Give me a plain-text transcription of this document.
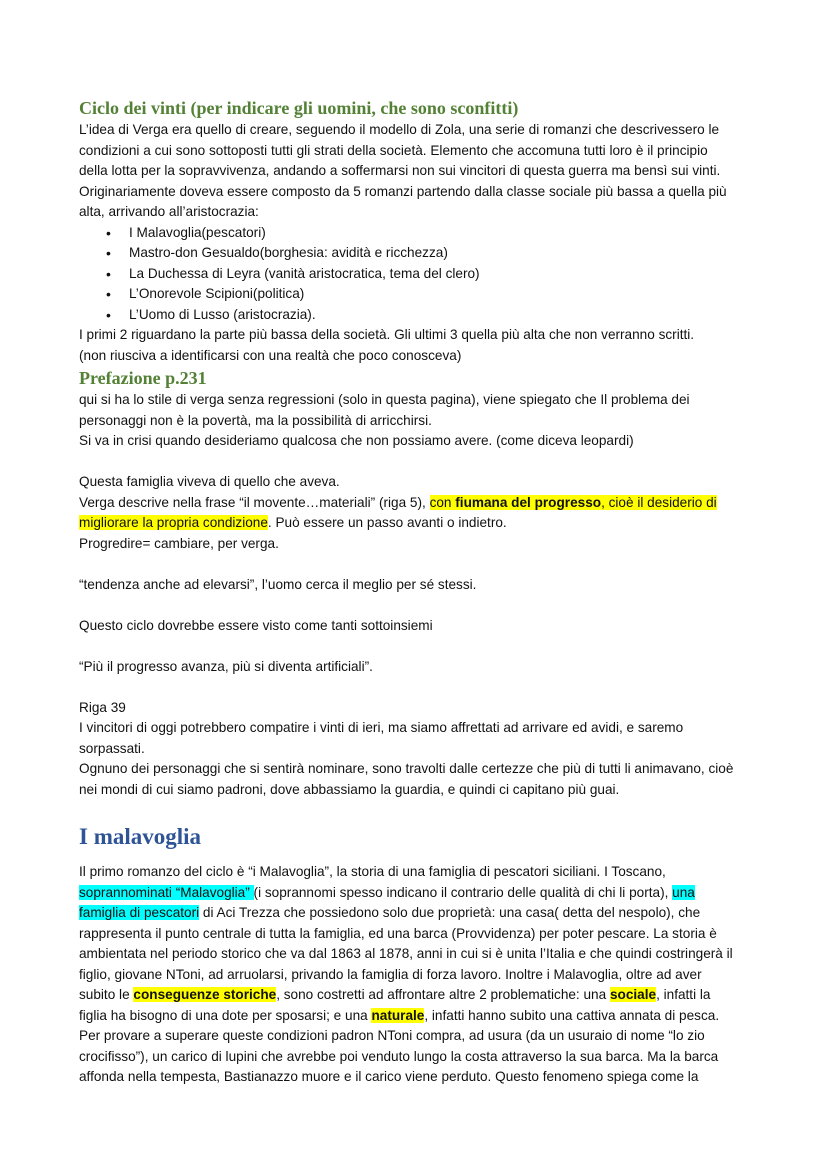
Ciclo dei vinti (per indicare gli uomini, che sono sconfitti)

L’idea di Verga era quello di creare, seguendo il modello di Zola, una serie di romanzi che descrivessero le condizioni a cui sono sottoposti tutti gli strati della società. Elemento che accomuna tutti loro è il principio della lotta per la sopravvivenza, andando a soffermarsi non sui vincitori di questa guerra ma bensì sui vinti. Originariamente doveva essere composto da 5 romanzi partendo dalla classe sociale più bassa a quella più alta, arrivando all’aristocrazia:

• I Malavoglia(pescatori)
• Mastro-don Gesualdo(borghesia: avidità e ricchezza)
• La Duchessa di Leyra (vanità aristocratica, tema del clero)
• L’Onorevole Scipioni(politica)
• L’Uomo di Lusso (aristocrazia).

I primi 2 riguardano la parte più bassa della società. Gli ultimi 3 quella più alta che non verranno scritti.

(non riusciva a identificarsi con una realtà che poco conosceva)

Prefazione p.231

qui si ha lo stile di verga senza regressioni (solo in questa pagina), viene spiegato che Il problema dei personaggi non è la povertà, ma la possibilità di arricchirsi.

Si va in crisi quando desideriamo qualcosa che non possiamo avere. (come diceva leopardi)

Questa famiglia viveva di quello che aveva.

Verga descrive nella frase “il movente…materiali” (riga 5), con fiumana del progresso, cioè il desiderio di migliorare la propria condizione. Può essere un passo avanti o indietro.

Progredire= cambiare, per verga.

“tendenza anche ad elevarsi”, l’uomo cerca il meglio per sé stessi.

Questo ciclo dovrebbe essere visto come tanti sottoinsiemi

“Più il progresso avanza, più si diventa artificiali”.

Riga 39

I vincitori di oggi potrebbero compatire i vinti di ieri, ma siamo affrettati ad arrivare ed avidi, e saremo sorpassati.

Ognuno dei personaggi che si sentirà nominare, sono travolti dalle certezze che più di tutti li animavano, cioè nei mondi di cui siamo padroni, dove abbassiamo la guardia, e quindi ci capitano più guai.

I malavoglia

Il primo romanzo del ciclo è “i Malavoglia”, la storia di una famiglia di pescatori siciliani. I Toscano, soprannominati “Malavoglia” (i soprannomi spesso indicano il contrario delle qualità di chi li porta), una famiglia di pescatori di Aci Trezza che possiedono solo due proprietà: una casa( detta del nespolo), che rappresenta il punto centrale di tutta la famiglia, ed una barca (Provvidenza) per poter pescare. La storia è ambientata nel periodo storico che va dal 1863 al 1878, anni in cui si è unita l’Italia e che quindi costringerà il figlio, giovane NToni, ad arruolarsi, privando la famiglia di forza lavoro. Inoltre i Malavoglia, oltre ad aver subito le conseguenze storiche, sono costretti ad affrontare altre 2 problematiche: una sociale, infatti la figlia ha bisogno di una dote per sposarsi; e una naturale, infatti hanno subito una cattiva annata di pesca. Per provare a superare queste condizioni padron NToni compra, ad usura (da un usuraio di nome “lo zio crocifisso”), un carico di lupini che avrebbe poi venduto lungo la costa attraverso la sua barca. Ma la barca affonda nella tempesta, Bastianazzo muore e il carico viene perduto. Questo fenomeno spiega come la
